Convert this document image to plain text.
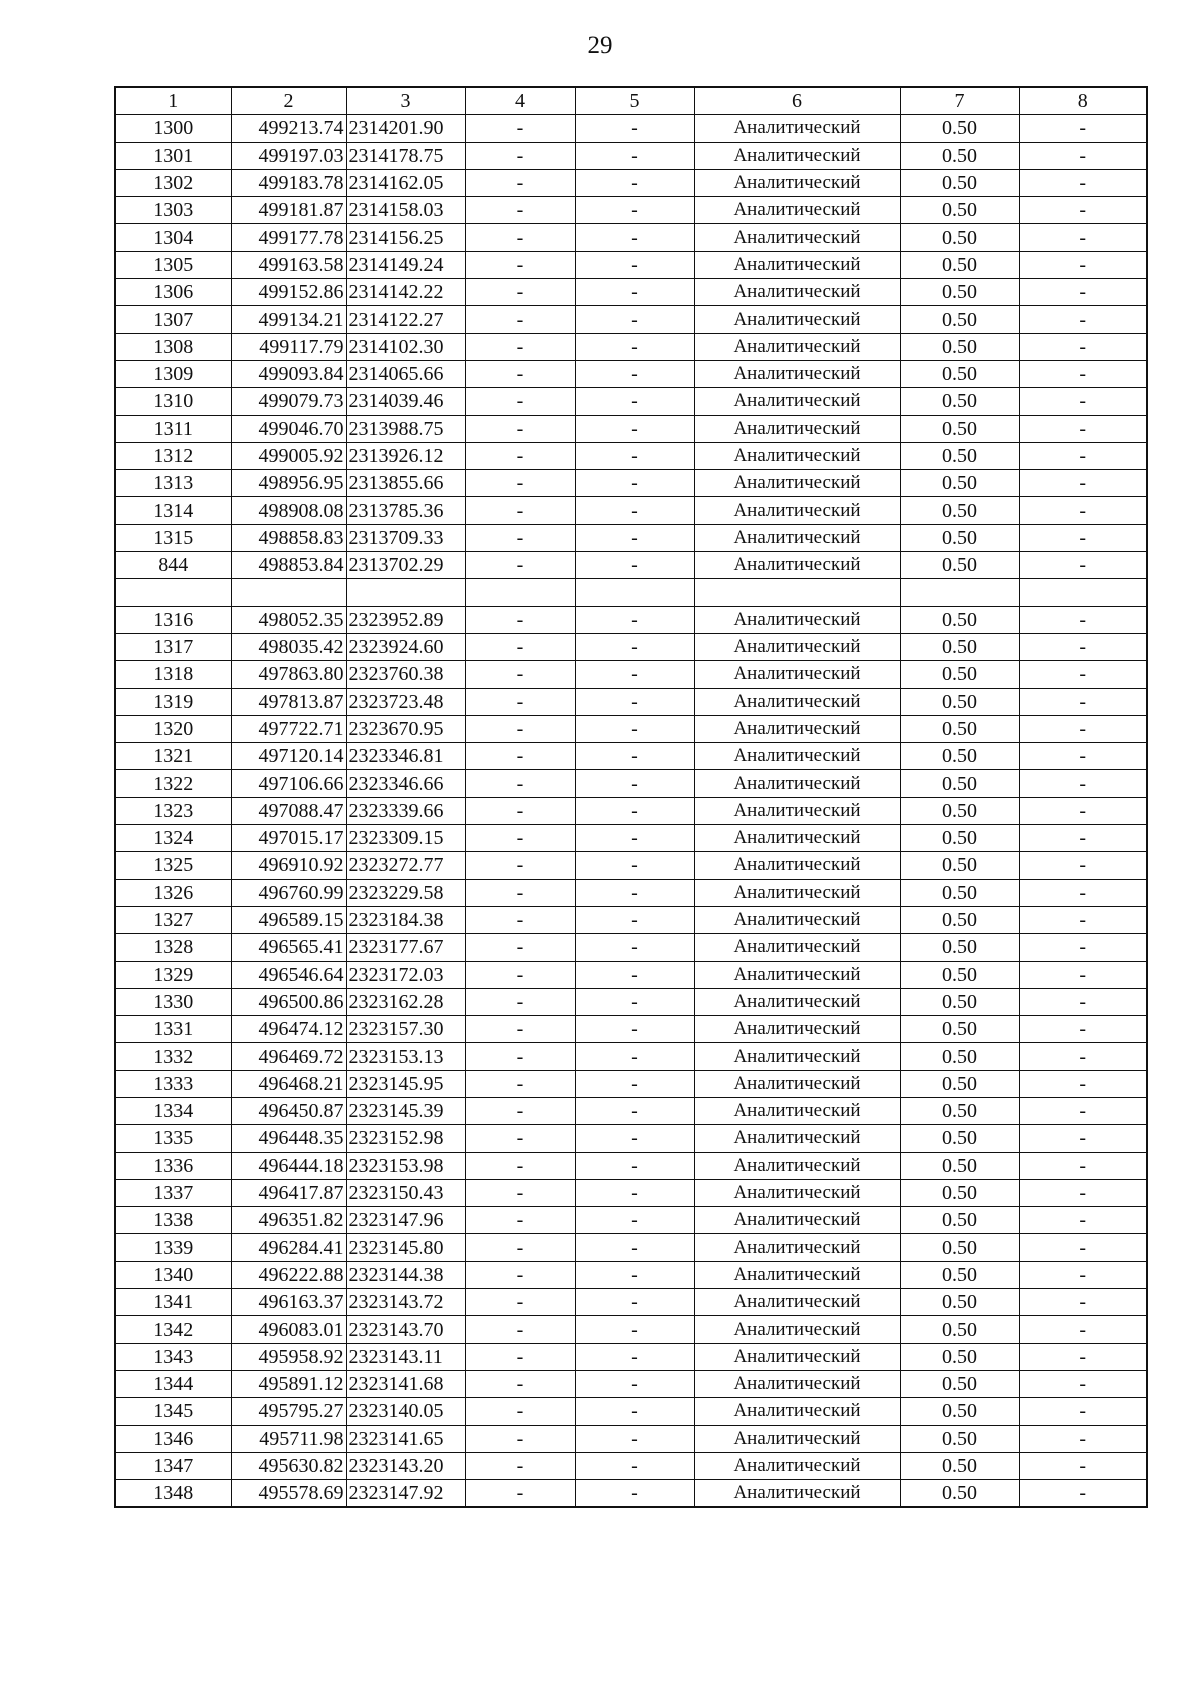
29
1	2	3	4	5	6	7	8
1300	499213.74	2314201.90	-	-	Аналитический	0.50	-
1301	499197.03	2314178.75	-	-	Аналитический	0.50	-
1302	499183.78	2314162.05	-	-	Аналитический	0.50	-
1303	499181.87	2314158.03	-	-	Аналитический	0.50	-
1304	499177.78	2314156.25	-	-	Аналитический	0.50	-
1305	499163.58	2314149.24	-	-	Аналитический	0.50	-
1306	499152.86	2314142.22	-	-	Аналитический	0.50	-
1307	499134.21	2314122.27	-	-	Аналитический	0.50	-
1308	499117.79	2314102.30	-	-	Аналитический	0.50	-
1309	499093.84	2314065.66	-	-	Аналитический	0.50	-
1310	499079.73	2314039.46	-	-	Аналитический	0.50	-
1311	499046.70	2313988.75	-	-	Аналитический	0.50	-
1312	499005.92	2313926.12	-	-	Аналитический	0.50	-
1313	498956.95	2313855.66	-	-	Аналитический	0.50	-
1314	498908.08	2313785.36	-	-	Аналитический	0.50	-
1315	498858.83	2313709.33	-	-	Аналитический	0.50	-
844	498853.84	2313702.29	-	-	Аналитический	0.50	-

1316	498052.35	2323952.89	-	-	Аналитический	0.50	-
1317	498035.42	2323924.60	-	-	Аналитический	0.50	-
1318	497863.80	2323760.38	-	-	Аналитический	0.50	-
1319	497813.87	2323723.48	-	-	Аналитический	0.50	-
1320	497722.71	2323670.95	-	-	Аналитический	0.50	-
1321	497120.14	2323346.81	-	-	Аналитический	0.50	-
1322	497106.66	2323346.66	-	-	Аналитический	0.50	-
1323	497088.47	2323339.66	-	-	Аналитический	0.50	-
1324	497015.17	2323309.15	-	-	Аналитический	0.50	-
1325	496910.92	2323272.77	-	-	Аналитический	0.50	-
1326	496760.99	2323229.58	-	-	Аналитический	0.50	-
1327	496589.15	2323184.38	-	-	Аналитический	0.50	-
1328	496565.41	2323177.67	-	-	Аналитический	0.50	-
1329	496546.64	2323172.03	-	-	Аналитический	0.50	-
1330	496500.86	2323162.28	-	-	Аналитический	0.50	-
1331	496474.12	2323157.30	-	-	Аналитический	0.50	-
1332	496469.72	2323153.13	-	-	Аналитический	0.50	-
1333	496468.21	2323145.95	-	-	Аналитический	0.50	-
1334	496450.87	2323145.39	-	-	Аналитический	0.50	-
1335	496448.35	2323152.98	-	-	Аналитический	0.50	-
1336	496444.18	2323153.98	-	-	Аналитический	0.50	-
1337	496417.87	2323150.43	-	-	Аналитический	0.50	-
1338	496351.82	2323147.96	-	-	Аналитический	0.50	-
1339	496284.41	2323145.80	-	-	Аналитический	0.50	-
1340	496222.88	2323144.38	-	-	Аналитический	0.50	-
1341	496163.37	2323143.72	-	-	Аналитический	0.50	-
1342	496083.01	2323143.70	-	-	Аналитический	0.50	-
1343	495958.92	2323143.11	-	-	Аналитический	0.50	-
1344	495891.12	2323141.68	-	-	Аналитический	0.50	-
1345	495795.27	2323140.05	-	-	Аналитический	0.50	-
1346	495711.98	2323141.65	-	-	Аналитический	0.50	-
1347	495630.82	2323143.20	-	-	Аналитический	0.50	-
1348	495578.69	2323147.92	-	-	Аналитический	0.50	-
